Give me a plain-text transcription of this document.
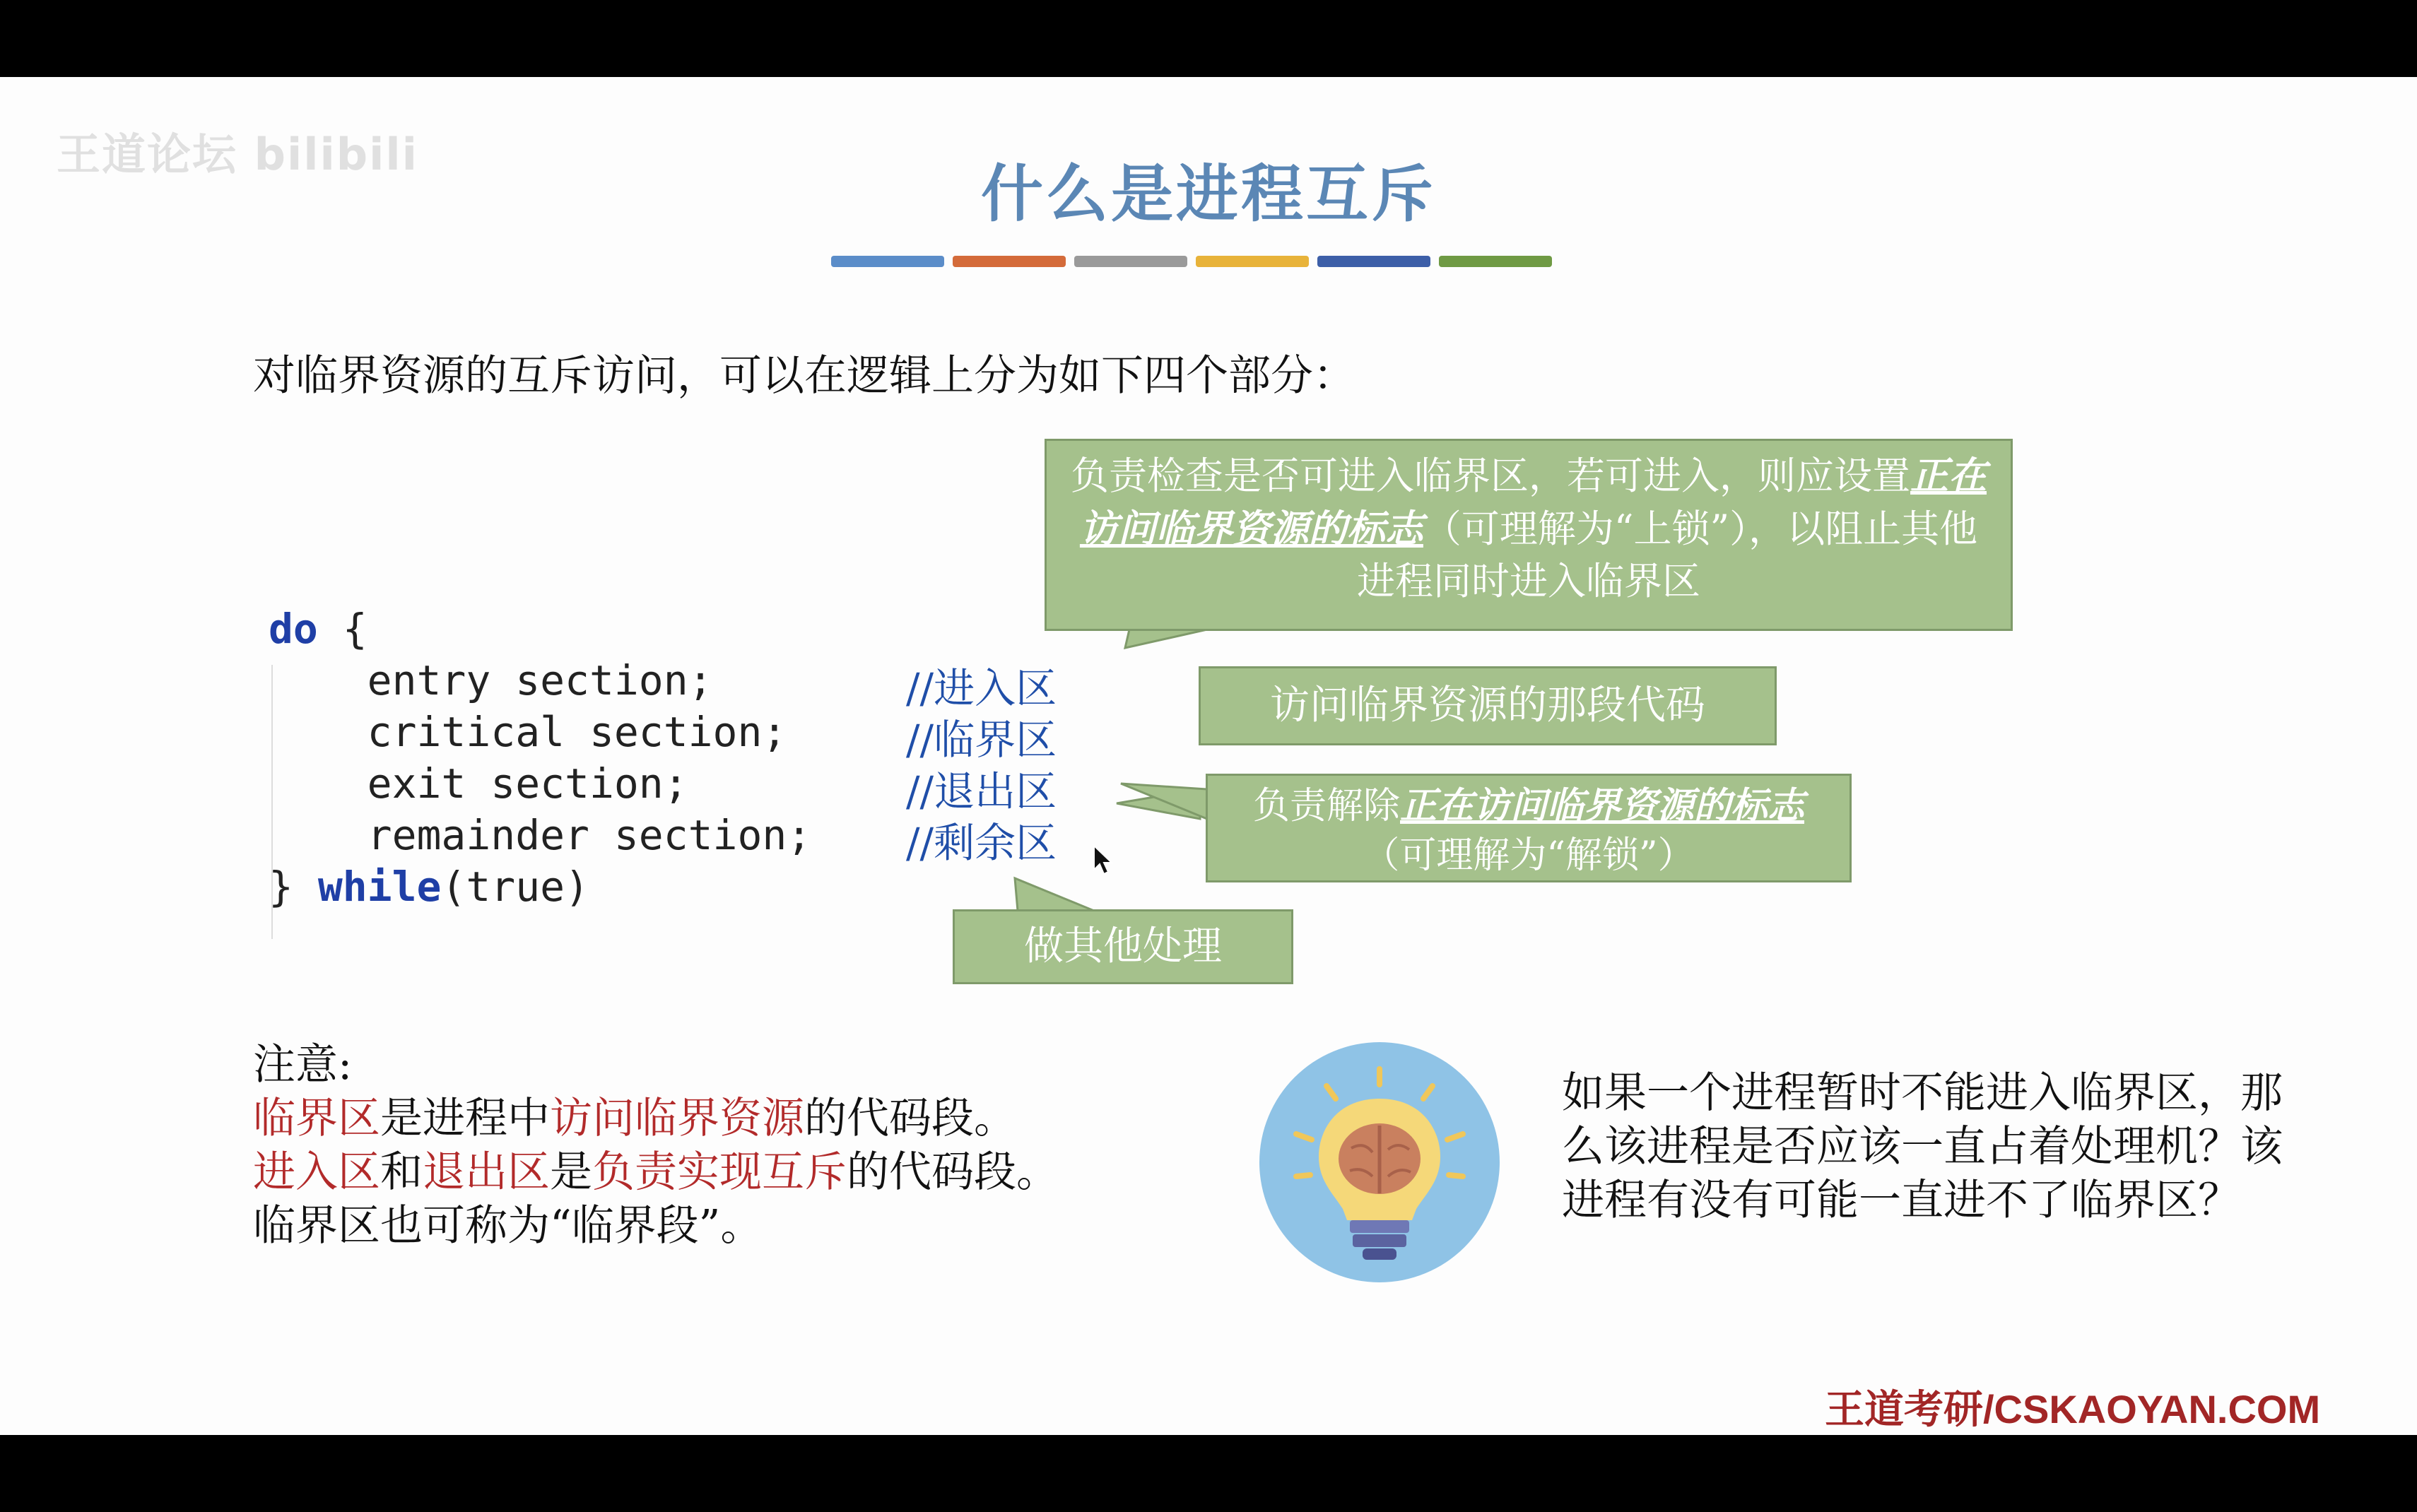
王道论坛 bilibili
什么是进程互斥
对临界资源的互斥访问，可以在逻辑上分为如下四个部分：
do {
entry section;
critical section;
exit section;
remainder section;
} while(true)
//进入区
//临界区
//退出区
//剩余区
负责检查是否可进入临界区，若可进入，则应设置正在访问临界资源的标志（可理解为“上锁”），以阻止其他进程同时进入临界区
访问临界资源的那段代码
负责解除正在访问临界资源的标志（可理解为“解锁”）
做其他处理
注意:
临界区是进程中访问临界资源的代码段。
进入区和退出区是负责实现互斥的代码段。
临界区也可称为“临界段”。
如果一个进程暂时不能进入临界区，那么该进程是否应该一直占着处理机？该进程有没有可能一直进不了临界区？
王道考研/CSKAOYAN.COM
